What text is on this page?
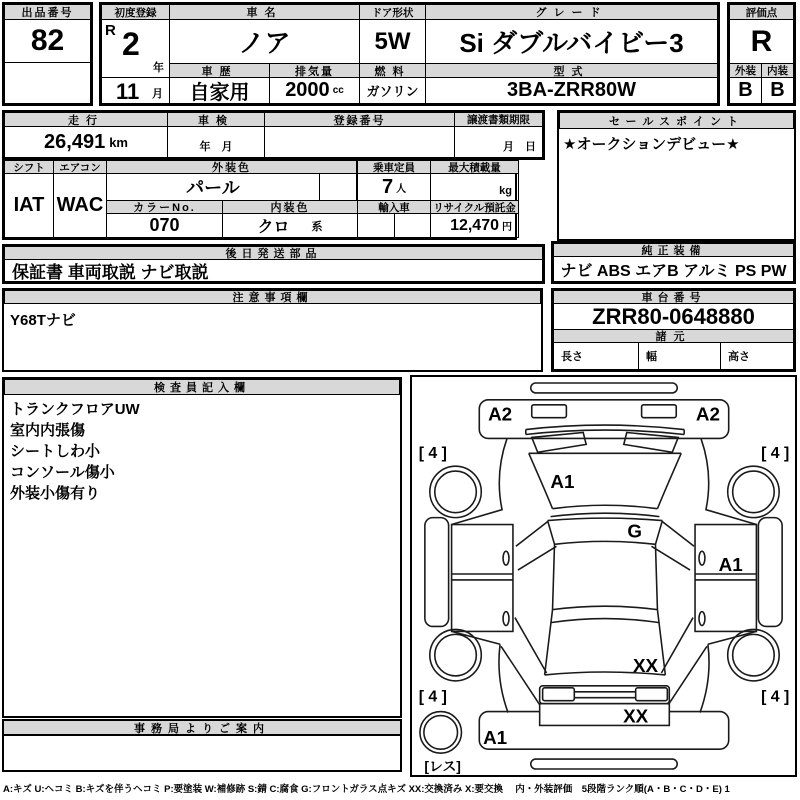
出品番号
82
初度登録
R 2
年
11 月
車名
ノア
車歴
自家用
排気量
2000 cc
ドア形状
5W
燃料
ガソリン
グレード
Si ダブルバイビー3
型式
3BA-ZRR80W
評価点
R
外装	内装
B B
走行
26,491 km
車検
年　月
登録番号	譲渡書類期限
月　日
シフト
IAT
エアコン
WAC
外装色
パール
カラーNo.
070
内装色
クロ 系
乗車定員
7 人
最大積載量
kg
輸入車	リサイクル預託金
12,470 円
セールスポイント
★オークションデビュー★
後日発送部品
保証書 車両取説 ナビ取説
純正装備
ナビ ABS エアB アルミ PS PW
注意事項欄
Y68Tナビ
車台番号
ZRR80-0648880
諸元
長さ	幅	高さ
検査員記入欄
トランクフロアUW
室内内張傷
シートしわ小
コンソール傷小
外装小傷有り
事務局よりご案内
A2	A2
[ 4 ]	[ 4 ]
A1
G
A1
XX
[ 4 ]	[ 4 ]
XX
A1
[レス]
A:キズ U:ヘコミ B:キズを伴うヘコミ P:要塗装 W:補修跡 S:錆 C:腐食 G:フロントガラス点キズ XX:交換済み X:要交換　 内・外装評価　5段階ランク順(A・B・C・D・E) 1
